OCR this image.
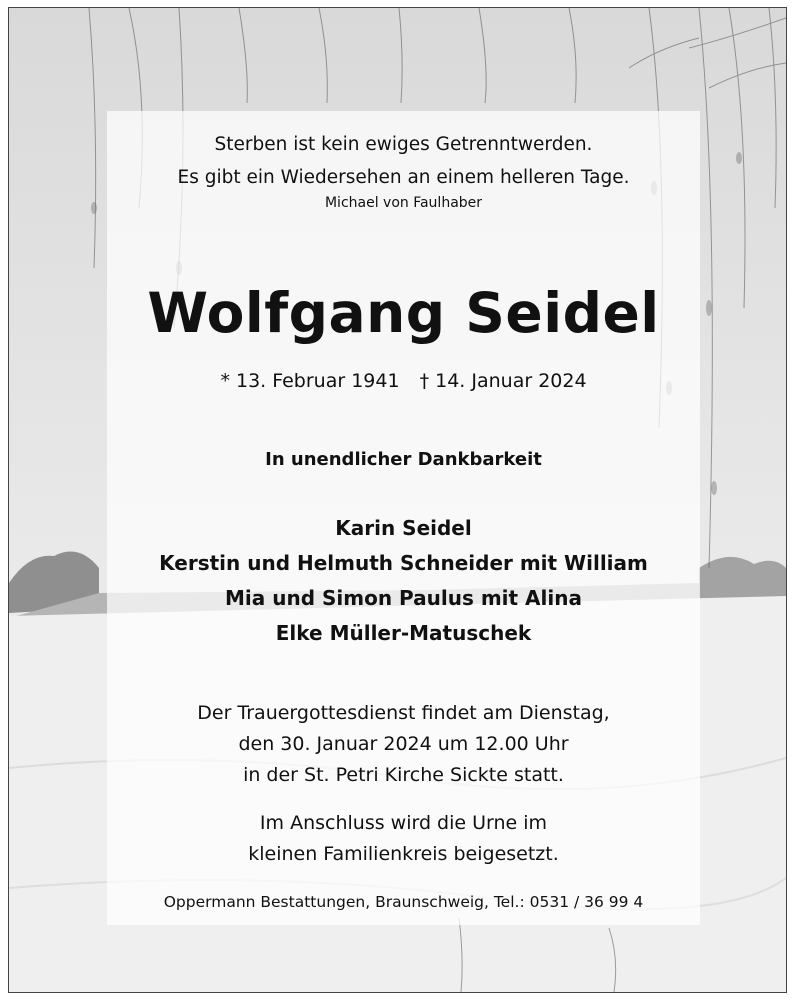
Sterben ist kein ewiges Getrenntwerden.
Es gibt ein Wiedersehen an einem helleren Tage.
Michael von Faulhaber
Wolfgang Seidel
* 13. Februar 1941 † 14. Januar 2024
In unendlicher Dankbarkeit
Karin Seidel
Kerstin und Helmuth Schneider mit William
Mia und Simon Paulus mit Alina
Elke Müller-Matuschek
Der Trauergottesdienst findet am Dienstag,
den 30. Januar 2024 um 12.00 Uhr
in der St. Petri Kirche Sickte statt.
Im Anschluss wird die Urne im
kleinen Familienkreis beigesetzt.
Oppermann Bestattungen, Braunschweig, Tel.: 0531 / 36 99 4
